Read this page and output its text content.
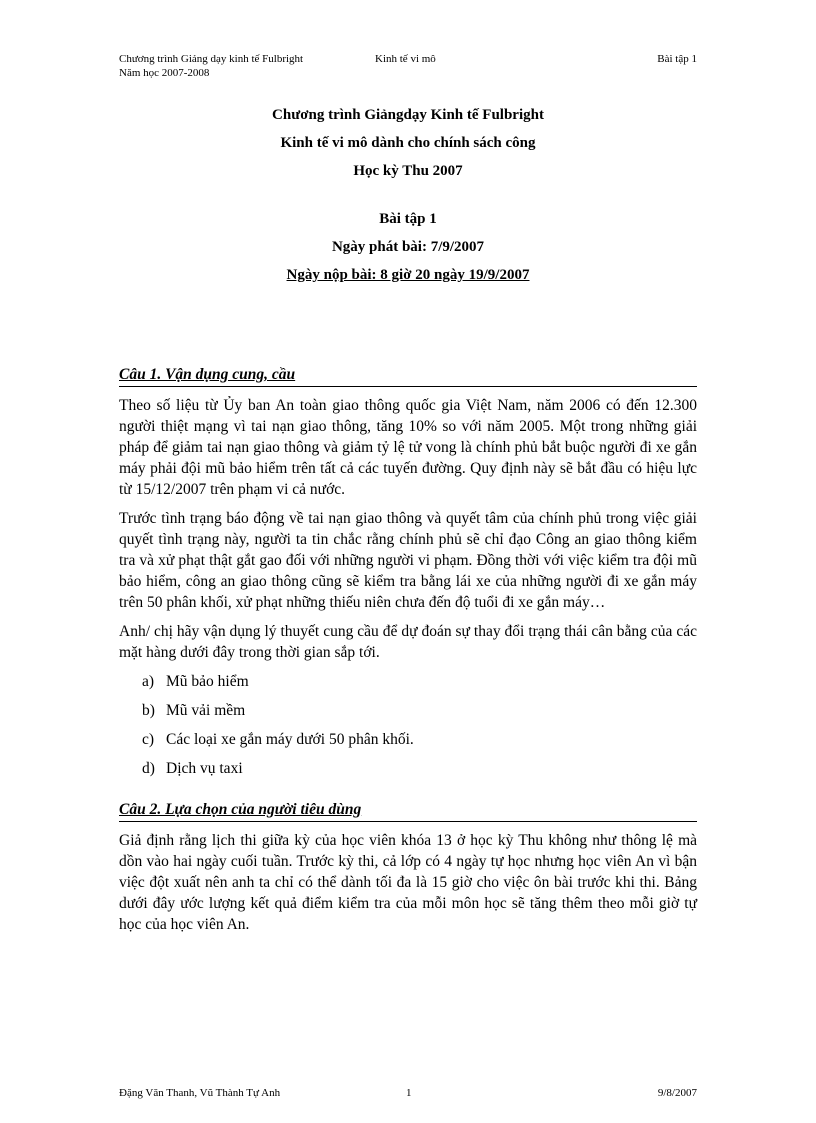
Chương trình Giảng dạy kinh tế Fulbright	Kinh tế vi mô	Bài tập 1
Năm học 2007-2008
Chương trình Giảngdạy Kinh tế Fulbright
Kinh tế vi mô dành cho chính sách công
Học kỳ Thu 2007
Bài tập 1
Ngày phát bài: 7/9/2007
Ngày nộp bài: 8 giờ 20 ngày 19/9/2007
Câu 1. Vận dụng cung, cầu

Theo số liệu từ Ủy ban An toàn giao thông quốc gia Việt Nam, năm 2006 có đến 12.300 người thiệt mạng vì tai nạn giao thông, tăng 10% so với năm 2005. Một trong những giải pháp để giảm tai nạn giao thông và giảm tỷ lệ tử vong là chính phủ bắt buộc người đi xe gắn máy phải đội mũ bảo hiểm trên tất cả các tuyến đường. Quy định này sẽ bắt đầu có hiệu lực từ 15/12/2007 trên phạm vi cả nước.

Trước tình trạng báo động về tai nạn giao thông và quyết tâm của chính phủ trong việc giải quyết tình trạng này, người ta tin chắc rằng chính phủ sẽ chỉ đạo Công an giao thông kiểm tra và xử phạt thật gắt gao đối với những người vi phạm. Đồng thời với việc kiểm tra đội mũ bảo hiểm, công an giao thông cũng sẽ kiểm tra bằng lái xe của những người đi xe gắn máy trên 50 phân khối, xử phạt những thiếu niên chưa đến độ tuổi đi xe gắn máy…

Anh/ chị hãy vận dụng lý thuyết cung cầu để dự đoán sự thay đổi trạng thái cân bằng của các mặt hàng dưới đây trong thời gian sắp tới.

a) Mũ bảo hiểm
b) Mũ vải mềm
c) Các loại xe gắn máy dưới 50 phân khối.
d) Dịch vụ taxi
Câu 2. Lựa chọn của người tiêu dùng

Giả định rằng lịch thi giữa kỳ của học viên khóa 13 ở học kỳ Thu không như thông lệ mà dồn vào hai ngày cuối tuần. Trước kỳ thi, cả lớp có 4 ngày tự học nhưng học viên An vì bận việc đột xuất nên anh ta chỉ có thể dành tối đa là 15 giờ cho việc ôn bài trước khi thi. Bảng dưới đây ước lượng kết quả điểm kiểm tra của mỗi môn học sẽ tăng thêm theo mỗi giờ tự học của học viên An.

Đặng Văn Thanh, Vũ Thành Tự Anh	1	9/8/2007
